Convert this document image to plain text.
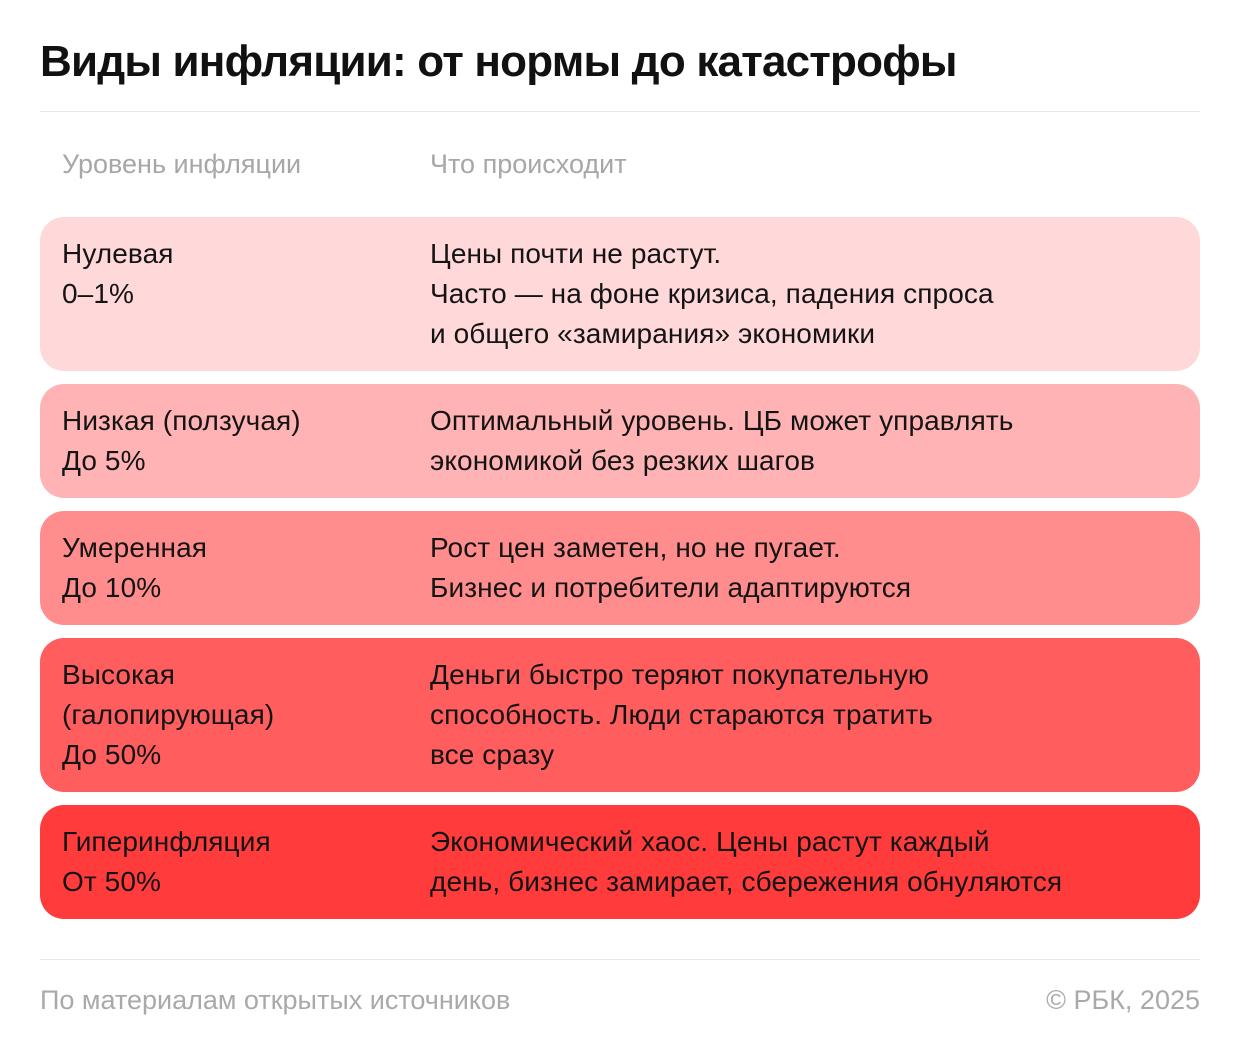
Виды инфляции: от нормы до катастрофы
Уровень инфляции	Что происходит
Нулевая
0–1%
Цены почти не растут.
Часто — на фоне кризиса, падения спроса
и общего «замирания» экономики
Низкая (ползучая)
До 5%
Оптимальный уровень. ЦБ может управлять
экономикой без резких шагов
Умеренная
До 10%
Рост цен заметен, но не пугает.
Бизнес и потребители адаптируются
Высокая
(галопирующая)
До 50%
Деньги быстро теряют покупательную
способность. Люди стараются тратить
все сразу
Гиперинфляция
От 50%
Экономический хаос. Цены растут каждый
день, бизнес замирает, сбережения обнуляются
По материалам открытых источников	© РБК, 2025
